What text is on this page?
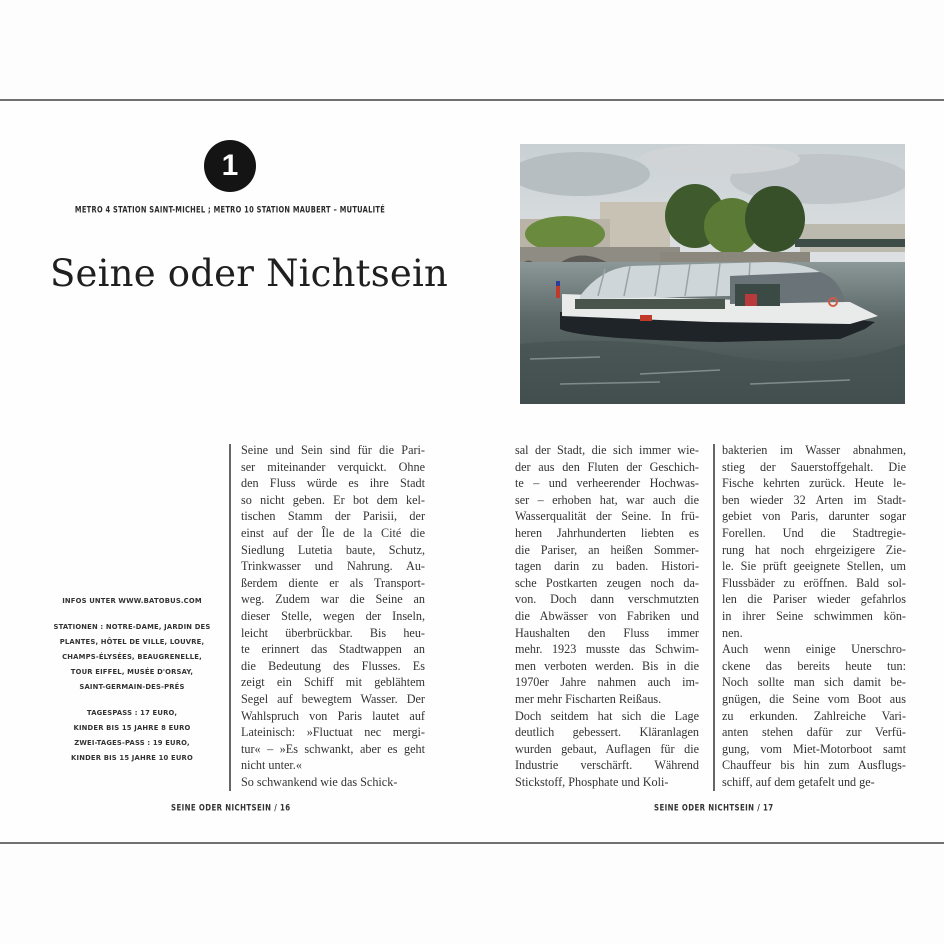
1
METRO 4 STATION SAINT-MICHEL ; METRO 10 STATION MAUBERT – MUTUALITÉ
Seine oder Nichtsein

INFOS UNTER WWW.BATOBUS.COM

STATIONEN : NOTRE-DAME, JARDIN DES
PLANTES, HÔTEL DE VILLE, LOUVRE,
CHAMPS-ÉLYSÉES, BEAUGRENELLE,
TOUR EIFFEL, MUSÉE D'ORSAY,
SAINT-GERMAIN-DES-PRÉS

TAGESPASS : 17 EURO,
KINDER BIS 15 JAHRE 8 EURO
ZWEI-TAGES-PASS : 19 EURO,
KINDER BIS 15 JAHRE 10 EURO

Seine und Sein sind für die Pari-
ser miteinander verquickt. Ohne
den Fluss würde es ihre Stadt
so nicht geben. Er bot dem kel-
tischen Stamm der Parisii, der
einst auf der Île de la Cité die
Siedlung Lutetia baute, Schutz,
Trinkwasser und Nahrung. Au-
ßerdem diente er als Transport-
weg. Zudem war die Seine an
dieser Stelle, wegen der Inseln,
leicht überbrückbar. Bis heu-
te erinnert das Stadtwappen an
die Bedeutung des Flusses. Es
zeigt ein Schiff mit geblähtem
Segel auf bewegtem Wasser. Der
Wahlspruch von Paris lautet auf
Lateinisch: »Fluctuat nec mergi-
tur« – »Es schwankt, aber es geht
nicht unter.«
So schwankend wie das Schick-
sal der Stadt, die sich immer wie-
der aus den Fluten der Geschich-
te – und verheerender Hochwas-
ser – erhoben hat, war auch die
Wasserqualität der Seine. In frü-
heren Jahrhunderten liebten es
die Pariser, an heißen Sommer-
tagen darin zu baden. Histori-
sche Postkarten zeugen noch da-
von. Doch dann verschmutzten
die Abwässer von Fabriken und
Haushalten den Fluss immer
mehr. 1923 musste das Schwim-
men verboten werden. Bis in die
1970er Jahre nahmen auch im-
mer mehr Fischarten Reißaus.
Doch seitdem hat sich die Lage
deutlich gebessert. Kläranlagen
wurden gebaut, Auflagen für die
Industrie verschärft. Während
Stickstoff, Phosphate und Koli-
bakterien im Wasser abnahmen,
stieg der Sauerstoffgehalt. Die
Fische kehrten zurück. Heute le-
ben wieder 32 Arten im Stadt-
gebiet von Paris, darunter sogar
Forellen. Und die Stadtregie-
rung hat noch ehrgeizigere Zie-
le. Sie prüft geeignete Stellen, um
Flussbäder zu eröffnen. Bald sol-
len die Pariser wieder gefahrlos
in ihrer Seine schwimmen kön-
nen.
Auch wenn einige Unerschro-
ckene das bereits heute tun:
Noch sollte man sich damit be-
gnügen, die Seine vom Boot aus
zu erkunden. Zahlreiche Vari-
anten stehen dafür zur Verfü-
gung, vom Miet-Motorboot samt
Chauffeur bis hin zum Ausflugs-
schiff, auf dem getafelt und ge-
SEINE ODER NICHTSEIN / 16	SEINE ODER NICHTSEIN / 17
